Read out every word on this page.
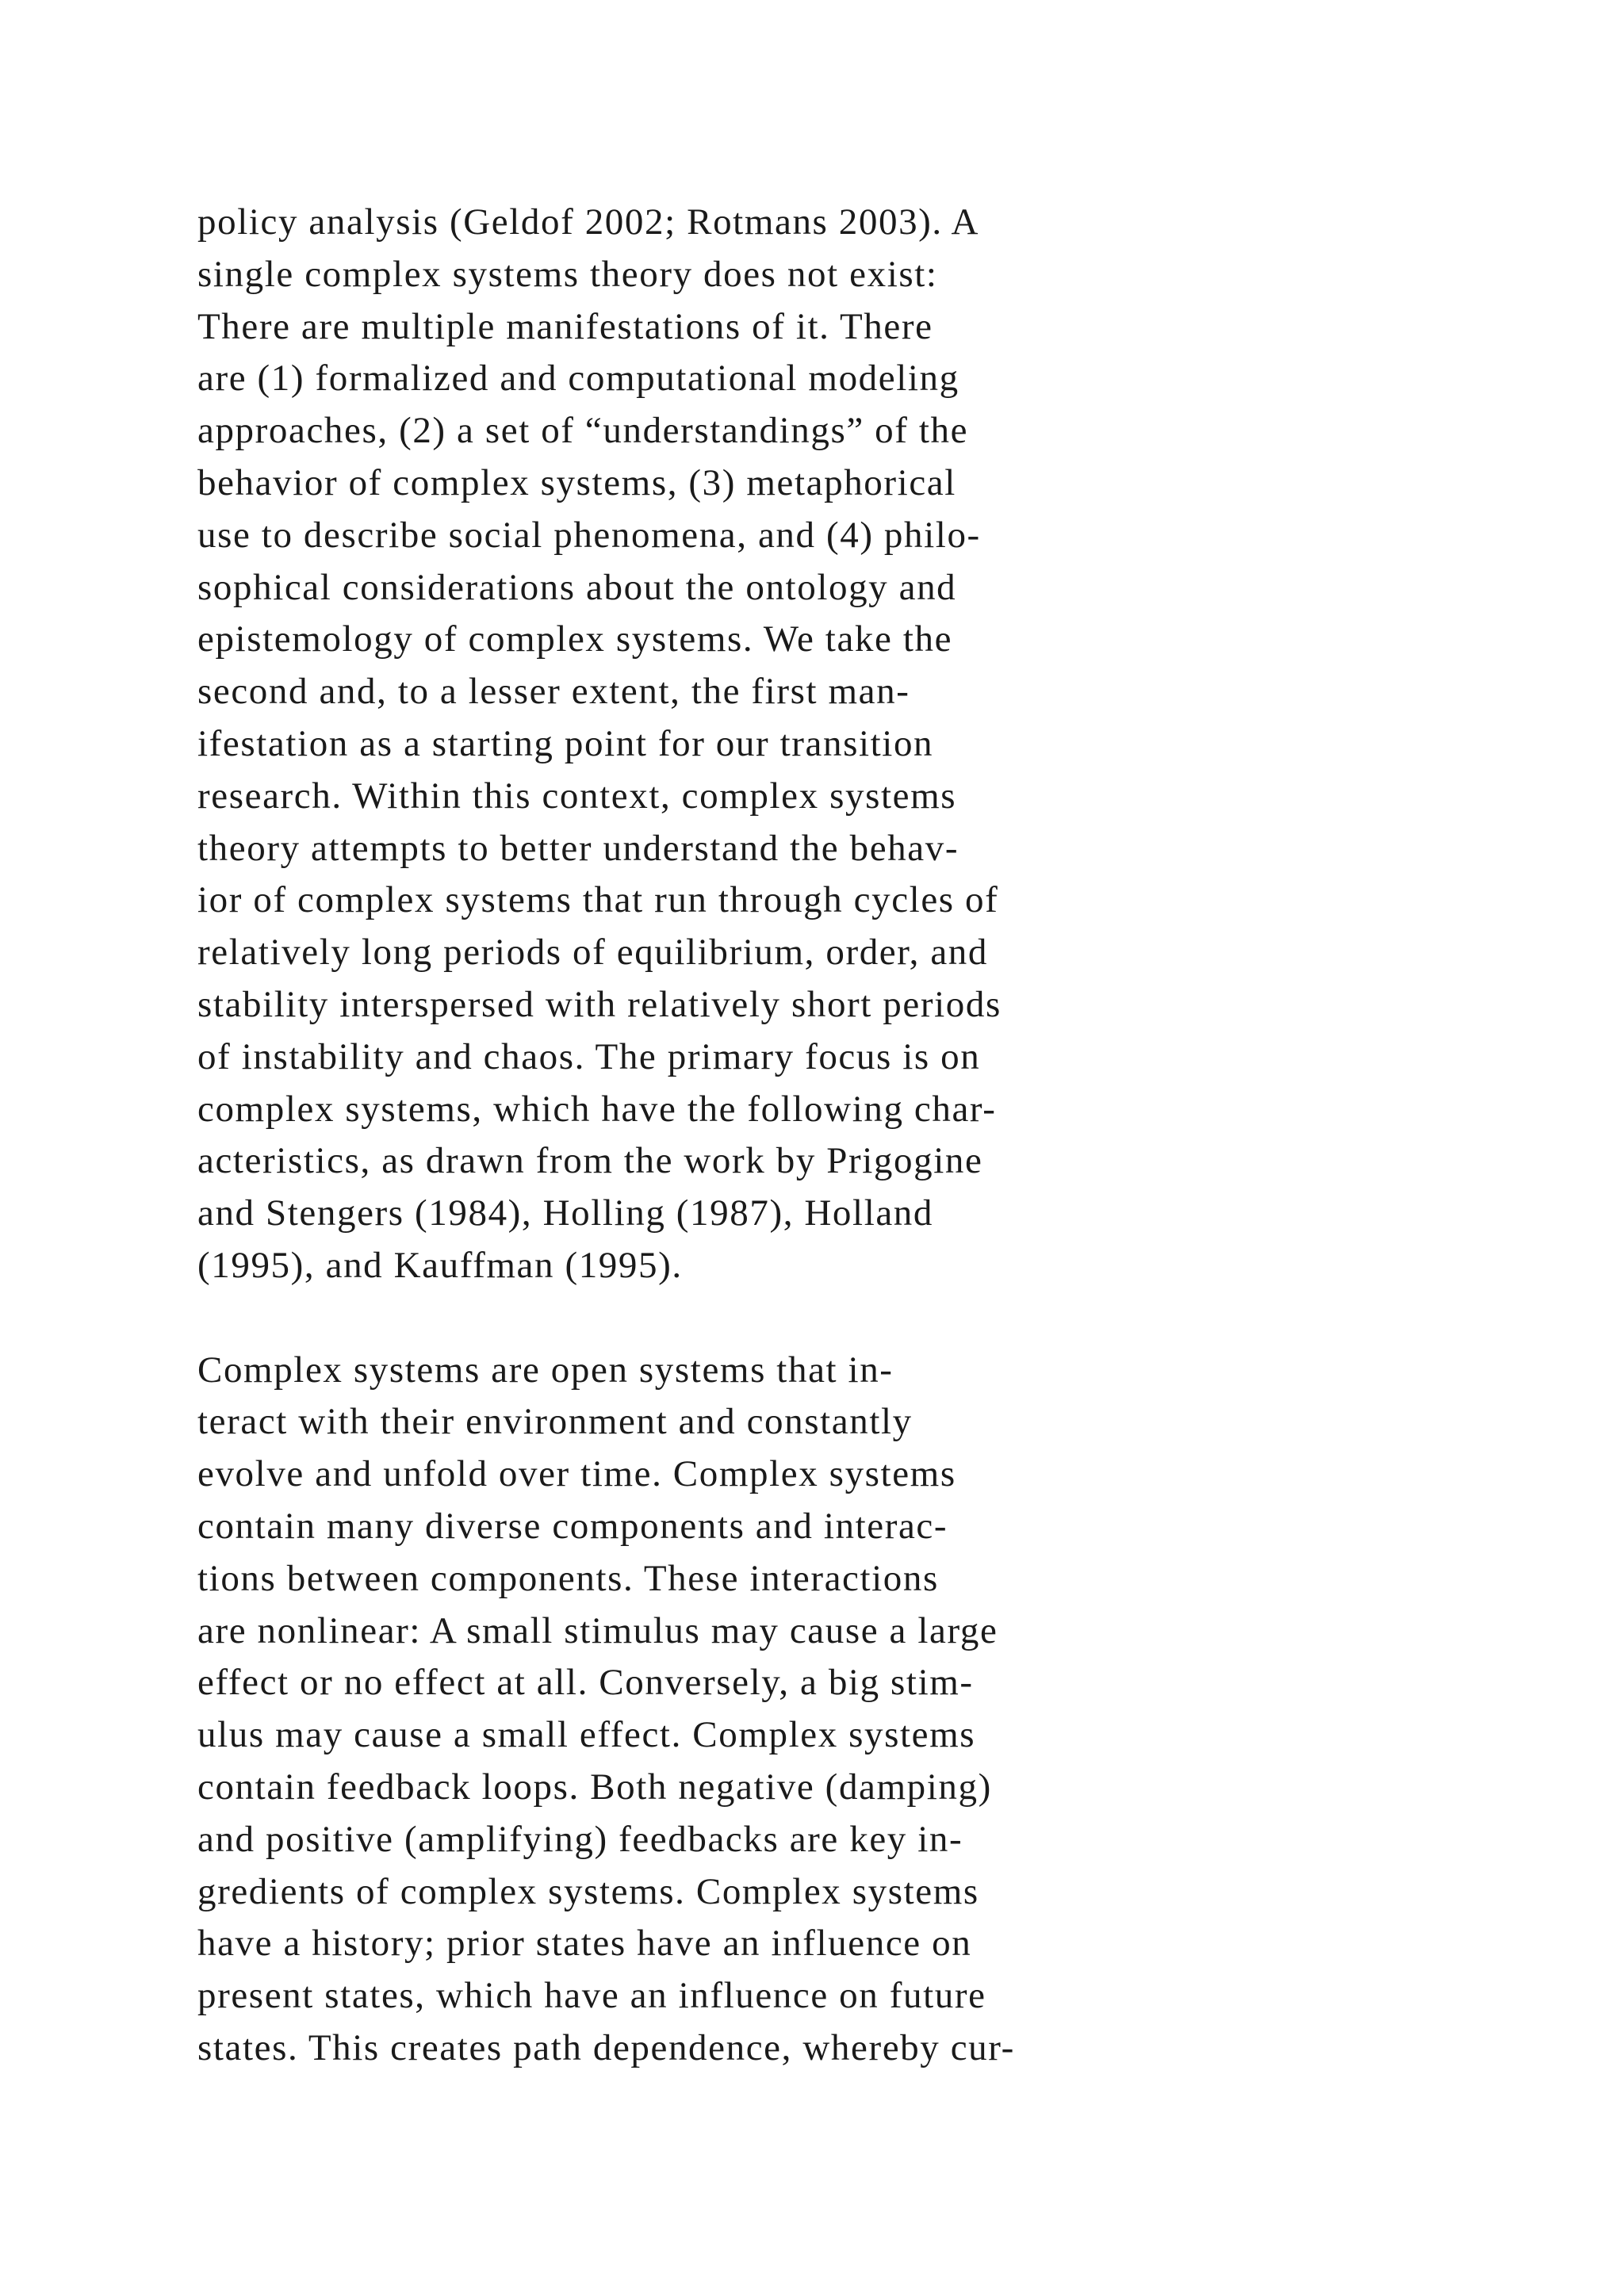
policy analysis (Geldof 2002; Rotmans 2003). A
single complex systems theory does not exist:
There are multiple manifestations of it. There
are (1) formalized and computational modeling
approaches, (2) a set of “understandings” of the
behavior of complex systems, (3) metaphorical
use to describe social phenomena, and (4) philo-
sophical considerations about the ontology and
epistemology of complex systems. We take the
second and, to a lesser extent, the first man-
ifestation as a starting point for our transition
research. Within this context, complex systems
theory attempts to better understand the behav-
ior of complex systems that run through cycles of
relatively long periods of equilibrium, order, and
stability interspersed with relatively short periods
of instability and chaos. The primary focus is on
complex systems, which have the following char-
acteristics, as drawn from the work by Prigogine
and Stengers (1984), Holling (1987), Holland
(1995), and Kauffman (1995).

Complex systems are open systems that in-
teract with their environment and constantly
evolve and unfold over time. Complex systems
contain many diverse components and interac-
tions between components. These interactions
are nonlinear: A small stimulus may cause a large
effect or no effect at all. Conversely, a big stim-
ulus may cause a small effect. Complex systems
contain feedback loops. Both negative (damping)
and positive (amplifying) feedbacks are key in-
gredients of complex systems. Complex systems
have a history; prior states have an influence on
present states, which have an influence on future
states. This creates path dependence, whereby cur-
